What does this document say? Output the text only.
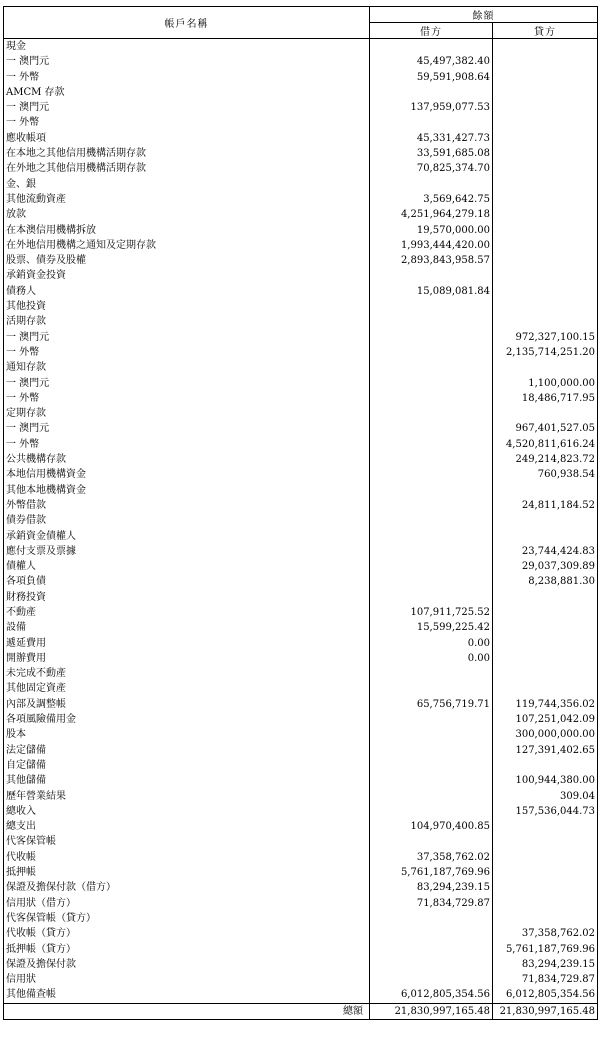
帳戶名稱	餘額	
	借方	貸方
現金		
一 澳門元	45,497,382.40	
一 外幣	59,591,908.64	
AMCM 存款		
一 澳門元	137,959,077.53	
一 外幣		
應收帳項	45,331,427.73	
在本地之其他信用機構活期存款	33,591,685.08	
在外地之其他信用機構活期存款	70,825,374.70	
金、銀		
其他流動資產	3,569,642.75	
放款	4,251,964,279.18	
在本澳信用機構拆放	19,570,000.00	
在外地信用機構之通知及定期存款	1,993,444,420.00	
股票、債券及股權	2,893,843,958.57	
承銷資金投資		
債務人	15,089,081.84	
其他投資		
活期存款		
一 澳門元		972,327,100.15
一 外幣		2,135,714,251.20
通知存款		
一 澳門元		1,100,000.00
一 外幣		18,486,717.95
定期存款		
一 澳門元		967,401,527.05
一 外幣		4,520,811,616.24
公共機構存款		249,214,823.72
本地信用機構資金		760,938.54
其他本地機構資金		
外幣借款		24,811,184.52
債券借款		
承銷資金債權人		
應付支票及票據		23,744,424.83
債權人		29,037,309.89
各項負債		8,238,881.30
財務投資		
不動產	107,911,725.52	
設備	15,599,225.42	
遞延費用	0.00	
開辦費用	0.00	
未完成不動產		
其他固定資產		
內部及調整帳	65,756,719.71	119,744,356.02
各項風險備用金		107,251,042.09
股本		300,000,000.00
法定儲備		127,391,402.65
自定儲備		
其他儲備		100,944,380.00
歷年營業結果		309.04
總收入		157,536,044.73
總支出	104,970,400.85	
代客保管帳		
代收帳	37,358,762.02	
抵押帳	5,761,187,769.96	
保證及擔保付款（借方）	83,294,239.15	
信用狀（借方）	71,834,729.87	
代客保管帳（貸方）		
代收帳（貸方）		37,358,762.02
抵押帳（貸方）		5,761,187,769.96
保證及擔保付款		83,294,239.15
信用狀		71,834,729.87
其他備查帳	6,012,805,354.56	6,012,805,354.56
總額	21,830,997,165.48	21,830,997,165.48
